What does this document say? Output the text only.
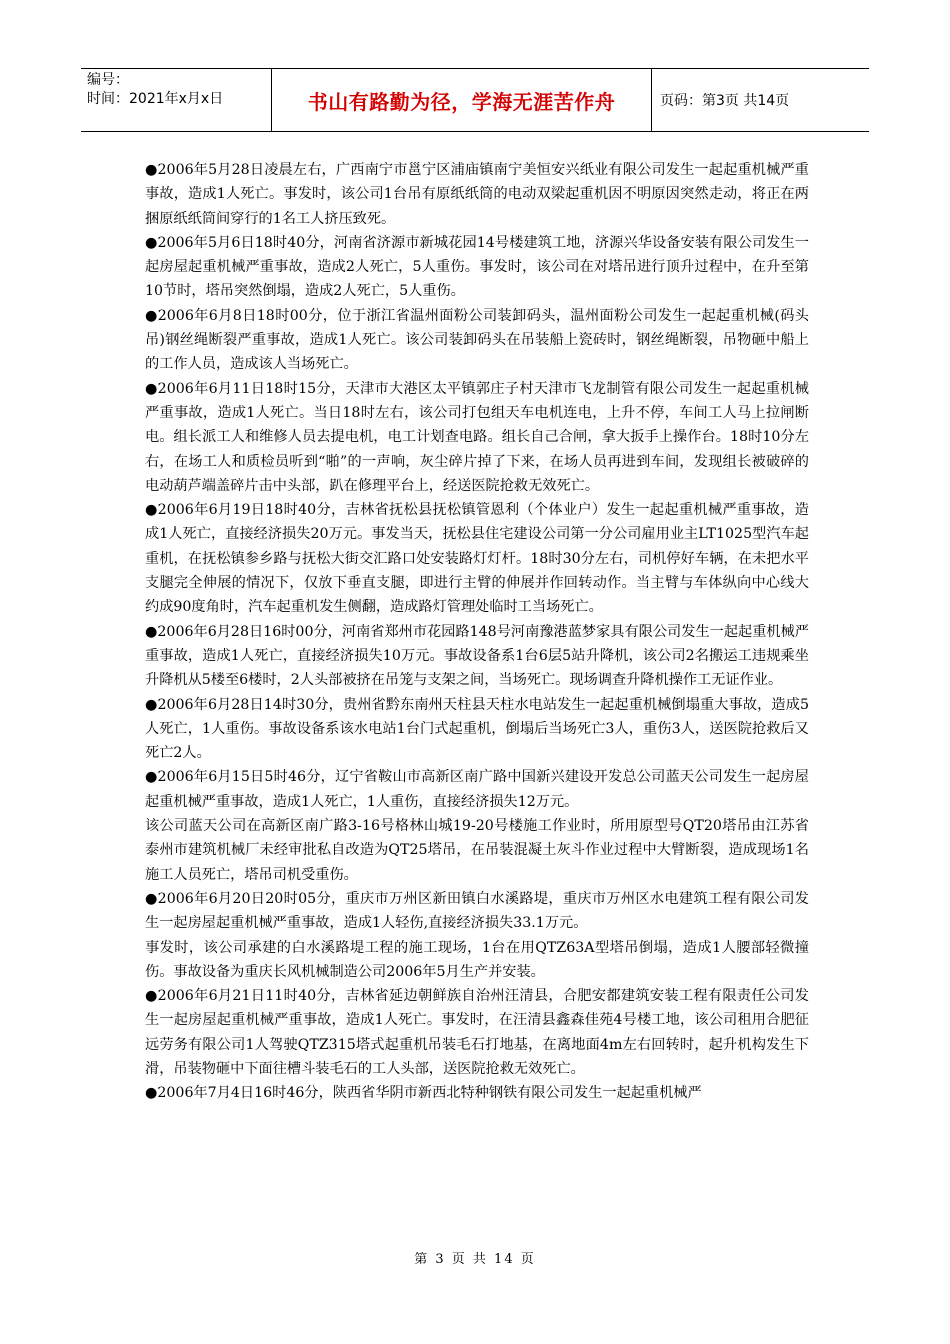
编号：
时间：2021年x月x日	书山有路勤为径，学海无涯苦作舟	页码：第3页 共14页

●2006年5月28日凌晨左右，广西南宁市邕宁区浦庙镇南宁美恒安兴纸业有限公司发生一起起重机械严重事故，造成1人死亡。事发时，该公司1台吊有原纸纸筒的电动双梁起重机因不明原因突然走动，将正在两捆原纸纸筒间穿行的1名工人挤压致死。

●2006年5月6日18时40分，河南省济源市新城花园14号楼建筑工地，济源兴华设备安装有限公司发生一起房屋起重机械严重事故，造成2人死亡，5人重伤。事发时，该公司在对塔吊进行顶升过程中，在升至第10节时，塔吊突然倒塌，造成2人死亡，5人重伤。

●2006年6月8日18时00分，位于浙江省温州面粉公司装卸码头，温州面粉公司发生一起起重机械(码头吊)钢丝绳断裂严重事故，造成1人死亡。该公司装卸码头在吊装船上瓷砖时，钢丝绳断裂，吊物砸中船上的工作人员，造成该人当场死亡。

●2006年6月11日18时15分，天津市大港区太平镇郭庄子村天津市飞龙制管有限公司发生一起起重机械严重事故，造成1人死亡。当日18时左右，该公司打包组天车电机连电，上升不停，车间工人马上拉闸断电。组长派工人和维修人员去提电机，电工计划查电路。组长自己合闸，拿大扳手上操作台。18时10分左右，在场工人和质检员听到“啪”的一声响，灰尘碎片掉了下来，在场人员再进到车间，发现组长被破碎的电动葫芦端盖碎片击中头部，趴在修理平台上，经送医院抢救无效死亡。

●2006年6月19日18时40分，吉林省抚松县抚松镇管恩利（个体业户）发生一起起重机械严重事故，造成1人死亡，直接经济损失20万元。事发当天，抚松县住宅建设公司第一分公司雇用业主LT1025型汽车起重机，在抚松镇参乡路与抚松大街交汇路口处安装路灯灯杆。18时30分左右，司机停好车辆，在未把水平支腿完全伸展的情况下，仅放下垂直支腿，即进行主臂的伸展并作回转动作。当主臂与车体纵向中心线大约成90度角时，汽车起重机发生侧翻，造成路灯管理处临时工当场死亡。

●2006年6月28日16时00分，河南省郑州市花园路148号河南豫港蓝梦家具有限公司发生一起起重机械严重事故，造成1人死亡，直接经济损失10万元。事故设备系1台6层5站升降机，该公司2名搬运工违规乘坐升降机从5楼至6楼时，2人头部被挤在吊笼与支架之间，当场死亡。现场调查升降机操作工无证作业。

●2006年6月28日14时30分，贵州省黔东南州天柱县天柱水电站发生一起起重机械倒塌重大事故，造成5人死亡，1人重伤。事故设备系该水电站1台门式起重机，倒塌后当场死亡3人，重伤3人，送医院抢救后又死亡2人。

●2006年6月15日5时46分，辽宁省鞍山市高新区南广路中国新兴建设开发总公司蓝天公司发生一起房屋起重机械严重事故，造成1人死亡，1人重伤，直接经济损失12万元。

该公司蓝天公司在高新区南广路3-16号格林山城19-20号楼施工作业时，所用原型号QT20塔吊由江苏省泰州市建筑机械厂未经审批私自改造为QT25塔吊，在吊装混凝土灰斗作业过程中大臂断裂，造成现场1名施工人员死亡，塔吊司机受重伤。

●2006年6月20日20时05分，重庆市万州区新田镇白水溪路堤，重庆市万州区水电建筑工程有限公司发生一起房屋起重机械严重事故，造成1人轻伤,直接经济损失33.1万元。

事发时，该公司承建的白水溪路堤工程的施工现场，1台在用QTZ63A型塔吊倒塌，造成1人腰部轻微撞伤。事故设备为重庆长风机械制造公司2006年5月生产并安装。

●2006年6月21日11时40分，吉林省延边朝鲜族自治州汪清县，合肥安都建筑安装工程有限责任公司发生一起房屋起重机械严重事故，造成1人死亡。事发时，在汪清县鑫森佳苑4号楼工地，该公司租用合肥征远劳务有限公司1人驾驶QTZ315塔式起重机吊装毛石打地基，在离地面4m左右回转时，起升机构发生下滑，吊装物砸中下面往槽斗装毛石的工人头部，送医院抢救无效死亡。

●2006年7月4日16时46分，陕西省华阴市新西北特种钢铁有限公司发生一起起重机械严

第 3 页 共 14 页
